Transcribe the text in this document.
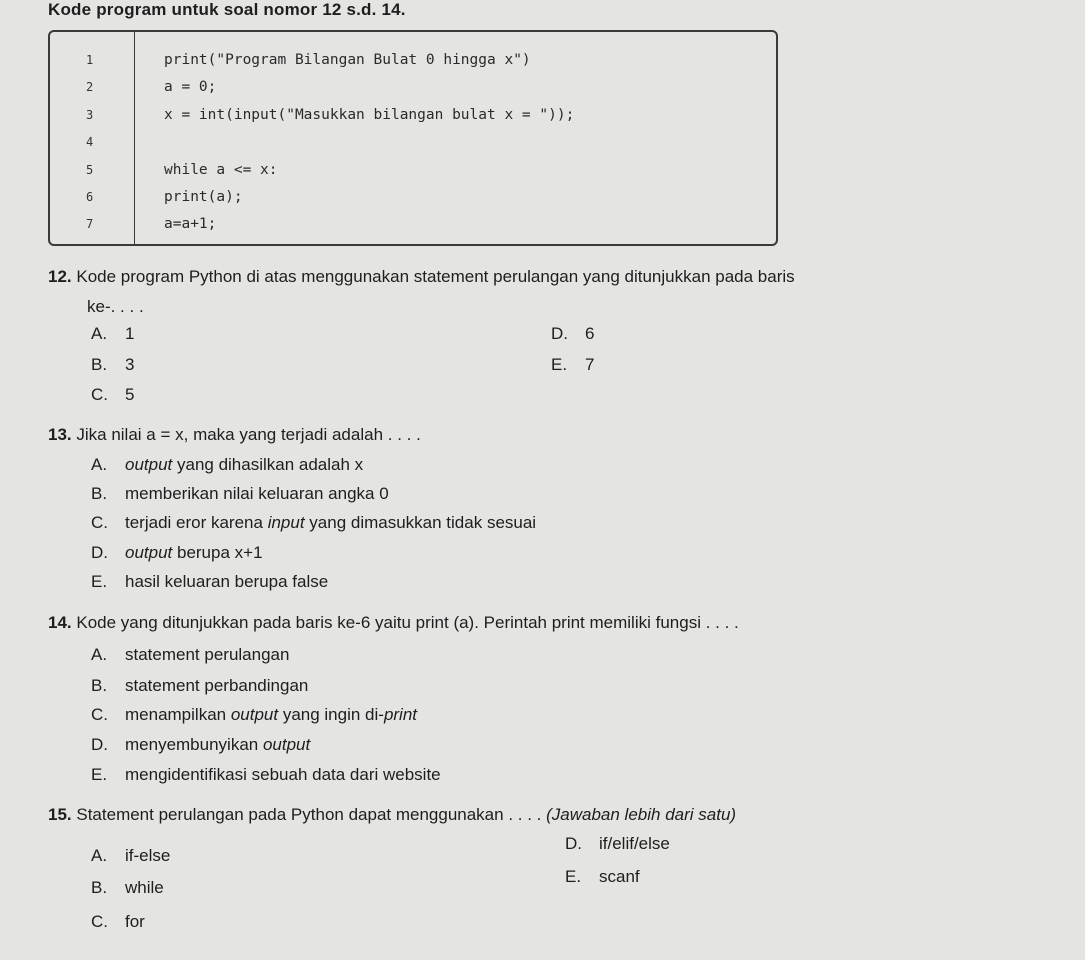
Kode program untuk soal nomor 12 s.d. 14.
1	print("Program Bilangan Bulat 0 hingga x")
2	a = 0;
3	x = int(input("Masukkan bilangan bulat x = "));
4
5	while a <= x:
6	print(a);
7	a=a+1;
12. Kode program Python di atas menggunakan statement perulangan yang ditunjukkan pada baris
ke-. . . .
A. 1
B. 3
C. 5
D. 6
E. 7
13. Jika nilai a = x, maka yang terjadi adalah . . . .
A. output yang dihasilkan adalah x
B. memberikan nilai keluaran angka 0
C. terjadi eror karena input yang dimasukkan tidak sesuai
D. output berupa x+1
E. hasil keluaran berupa false
14. Kode yang ditunjukkan pada baris ke-6 yaitu print (a). Perintah print memiliki fungsi . . . .
A. statement perulangan
B. statement perbandingan
C. menampilkan output yang ingin di-print
D. menyembunyikan output
E. mengidentifikasi sebuah data dari website
15. Statement perulangan pada Python dapat menggunakan . . . . (Jawaban lebih dari satu)
A. if-else
B. while
C. for
D. if/elif/else
E. scanf
